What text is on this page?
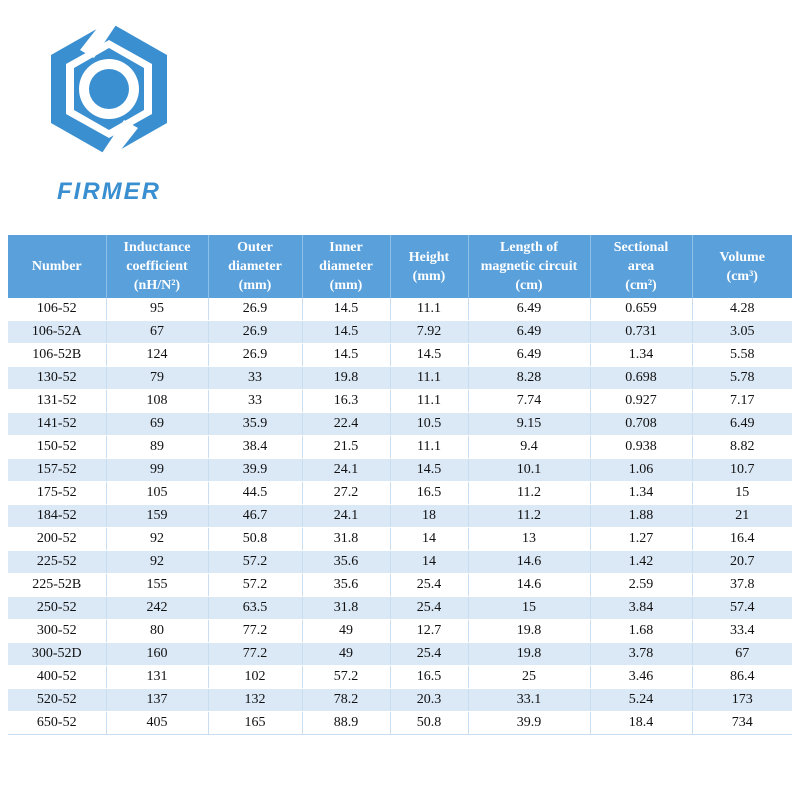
FIRMER
Number	Inductance
coefficient
(nH/N²)	Outer
diameter
(mm)	Inner
diameter
(mm)	Height
(mm)	Length of
magnetic circuit
(cm)	Sectional
area
(cm²)	Volume
(cm³)

106-52	95	26.9	14.5	11.1	6.49	0.659	4.28
106-52A	67	26.9	14.5	7.92	6.49	0.731	3.05
106-52B	124	26.9	14.5	14.5	6.49	1.34	5.58
130-52	79	33	19.8	11.1	8.28	0.698	5.78
131-52	108	33	16.3	11.1	7.74	0.927	7.17
141-52	69	35.9	22.4	10.5	9.15	0.708	6.49
150-52	89	38.4	21.5	11.1	9.4	0.938	8.82
157-52	99	39.9	24.1	14.5	10.1	1.06	10.7
175-52	105	44.5	27.2	16.5	11.2	1.34	15
184-52	159	46.7	24.1	18	11.2	1.88	21
200-52	92	50.8	31.8	14	13	1.27	16.4
225-52	92	57.2	35.6	14	14.6	1.42	20.7
225-52B	155	57.2	35.6	25.4	14.6	2.59	37.8
250-52	242	63.5	31.8	25.4	15	3.84	57.4
300-52	80	77.2	49	12.7	19.8	1.68	33.4
300-52D	160	77.2	49	25.4	19.8	3.78	67
400-52	131	102	57.2	16.5	25	3.46	86.4
520-52	137	132	78.2	20.3	33.1	5.24	173
650-52	405	165	88.9	50.8	39.9	18.4	734
